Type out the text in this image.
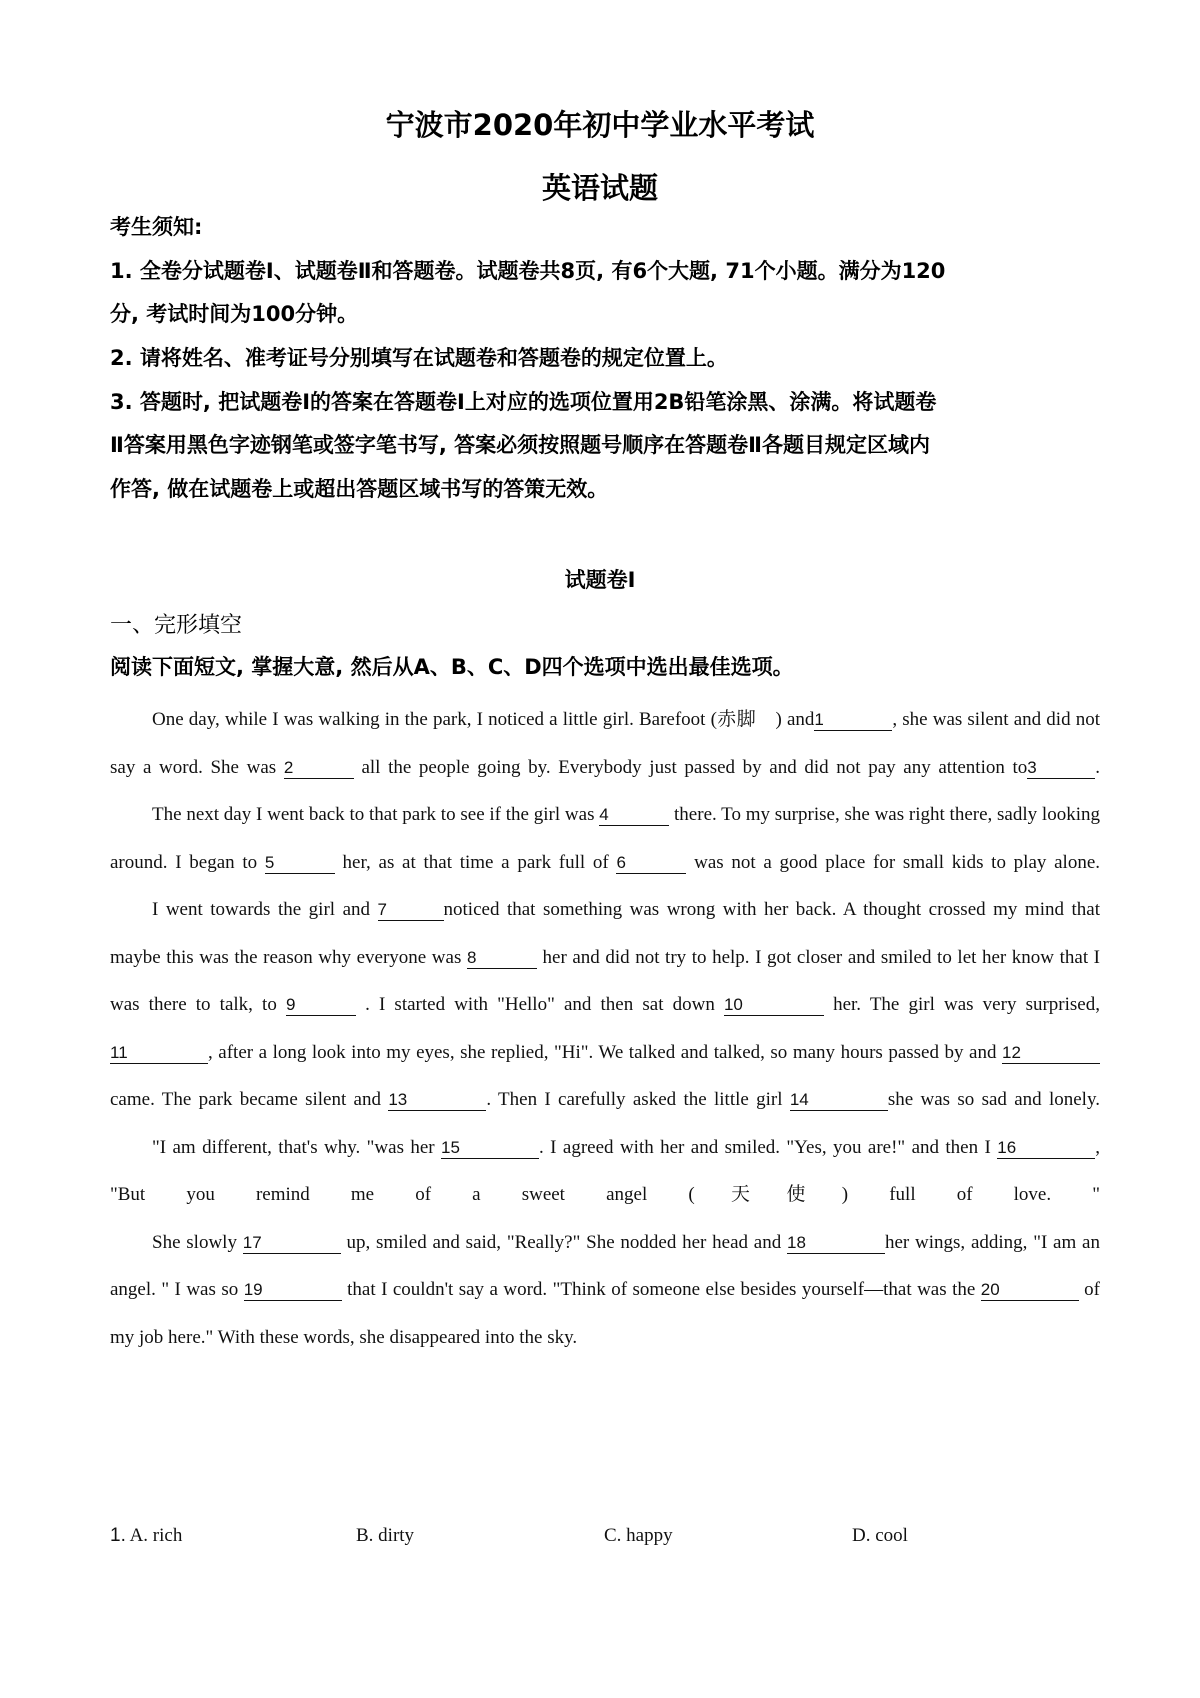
宁波市2020年初中学业水平考试
英语试题
考生须知:
1. 全卷分试题卷Ⅰ、试题卷Ⅱ和答题卷。试题卷共8页, 有6个大题, 71个小题。满分为120
分, 考试时间为100分钟。
2. 请将姓名、准考证号分别填写在试题卷和答题卷的规定位置上。
3. 答题时, 把试题卷Ⅰ的答案在答题卷Ⅰ上对应的选项位置用2B铅笔涂黑、涂满。将试题卷
Ⅱ答案用黑色字迹钢笔或签字笔书写, 答案必须按照题号顺序在答题卷Ⅱ各题目规定区域内
作答, 做在试题卷上或超出答题区域书写的答策无效。
试题卷Ⅰ
一、完形填空
阅读下面短文, 掌握大意, 然后从A、B、C、D四个选项中选出最佳选项。

One day, while I was walking in the park, I noticed a little girl. Barefoot (赤脚　) and1	, she was silent and did not say a word. She was 2	all the people going by. Everybody just passed by and did not pay any attention to3	.

The next day I went back to that park to see if the girl was 4	there. To my surprise, she was right there, sadly looking around. I began to 5	her, as at that time a park full of 6	was not a good place for small kids to play alone.

I went towards the girl and 7	noticed that something was wrong with her back. A thought crossed my mind that maybe this was the reason why everyone was 8	her and did not try to help. I got closer and smiled to let her know that I was there to talk, to 9	. I started with "Hello" and then sat down 10	her. The girl was very surprised, 11	, after a long look into my eyes, she replied, "Hi". We talked and talked, so many hours passed by and 12came. The park became silent and 13	. Then I carefully asked the little girl 14	she was so sad and lonely.

"I am different, that's why. "was her 15	. I agreed with her and smiled. "Yes, you are!" and then I 16	, "But you remind me of a sweet angel (天使) full of love. "

She slowly 17	up, smiled and said, "Really?" She nodded her head and 18	her wings, adding, "I am an angel. " I was so 19	that I couldn't say a word. "Think of someone else besides yourself—that was the 20	of my job here." With these words, she disappeared into the sky.

1. A. rich	B. dirty	C. happy	D. cool
